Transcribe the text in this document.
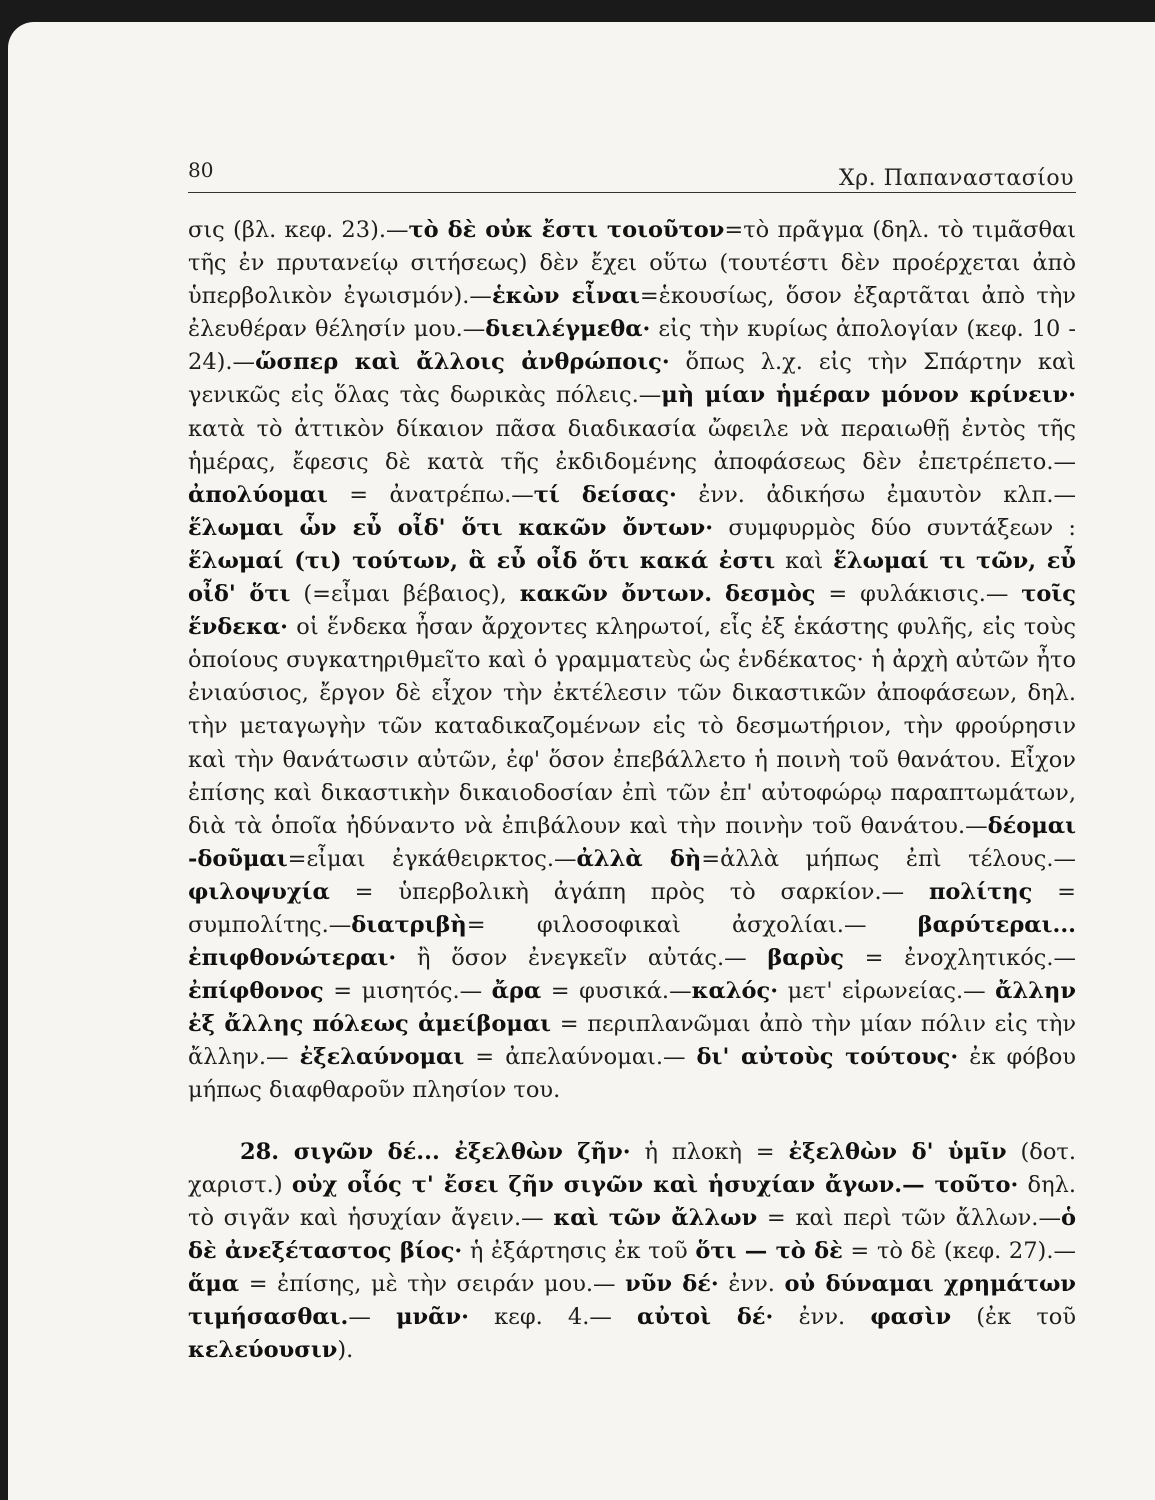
80	Χρ. Παπαναστασίου

σις (βλ. κεφ. 23).—τὸ δὲ οὐκ ἔστι τοιοῦτον=τὸ πρᾶγμα (δηλ. τὸ τιμᾶσθαι τῆς ἐν πρυτανείῳ σιτήσεως) δὲν ἔχει οὕτω (τουτέστι δὲν προέρχεται ἀπὸ ὑπερβολικὸν ἐγωισμόν).—ἑκὼν εἶναι=ἑκουσίως, ὅσον ἐξαρτᾶται ἀπὸ τὴν ἐλευθέραν θέλησίν μου.—διειλέγμεθα· εἰς τὴν κυρίως ἀπολογίαν (κεφ. 10 - 24).—ὥσπερ καὶ ἄλλοις ἀνθρώποις· ὅπως λ.χ. εἰς τὴν Σπάρτην καὶ γενικῶς εἰς ὅλας τὰς δωρικὰς πόλεις.—μὴ μίαν ἡμέραν μόνον κρίνειν· κατὰ τὸ ἀττικὸν δίκαιον πᾶσα διαδικασία ὤφειλε νὰ περαιωθῇ ἐντὸς τῆς ἡμέρας, ἔφεσις δὲ κατὰ τῆς ἐκδιδομένης ἀποφάσεως δὲν ἐπετρέπετο.— ἀπολύομαι = ἀνατρέπω.—τί δείσας· ἐνν. ἀδικήσω ἐμαυτὸν κλπ.— ἕλωμαι ὧν εὖ οἶδ' ὅτι κακῶν ὄντων· συμφυρμὸς δύο συντάξεων : ἕλωμαί (τι) τούτων, ἃ εὖ οἶδ ὅτι κακά ἐστι καὶ ἕλωμαί τι τῶν, εὖ οἶδ' ὅτι (=εἶμαι βέβαιος), κακῶν ὄντων. δεσμὸς = φυλάκισις.— τοῖς ἕνδεκα· οἱ ἕνδεκα ἦσαν ἄρχοντες κληρωτοί, εἷς ἐξ ἑκάστης φυλῆς, εἰς τοὺς ὁποίους συγκατηριθμεῖτο καὶ ὁ γραμματεὺς ὡς ἑνδέκατος· ἡ ἀρχὴ αὐτῶν ἦτο ἐνιαύσιος, ἔργον δὲ εἶχον τὴν ἐκτέλεσιν τῶν δικαστικῶν ἀποφάσεων, δηλ. τὴν μεταγωγὴν τῶν καταδικαζομένων εἰς τὸ δεσμωτήριον, τὴν φρούρησιν καὶ τὴν θανάτωσιν αὐτῶν, ἐφ' ὅσον ἐπεβάλλετο ἡ ποινὴ τοῦ θανάτου. Εἶχον ἐπίσης καὶ δικαστικὴν δικαιοδοσίαν ἐπὶ τῶν ἐπ' αὐτοφώρῳ παραπτωμάτων, διὰ τὰ ὁποῖα ἠδύναντο νὰ ἐπιβάλουν καὶ τὴν ποινὴν τοῦ θανάτου.—δέομαι -δοῦμαι=εἶμαι ἐγκάθειρκτος.—ἀλλὰ δὴ=ἀλλὰ μήπως ἐπὶ τέλους.— φιλοψυχία = ὑπερβολικὴ ἀγάπη πρὸς τὸ σαρκίον.— πολίτης = συμπολίτης.—διατριβὴ= φιλοσοφικαὶ ἀσχολίαι.— βαρύτεραι... ἐπιφθονώτεραι· ἢ ὅσον ἐνεγκεῖν αὐτάς.— βαρὺς = ἐνοχλητικός.— ἐπίφθονος = μισητός.— ἄρα = φυσικά.—καλός· μετ' εἰρωνείας.— ἄλλην ἐξ ἄλλης πόλεως ἀμείβομαι = περιπλανῶμαι ἀπὸ τὴν μίαν πόλιν εἰς τὴν ἄλλην.— ἐξελαύνομαι = ἀπελαύνομαι.— δι' αὐτοὺς τούτους· ἐκ φόβου μήπως διαφθαροῦν πλησίον του.

28. σιγῶν δέ... ἐξελθὼν ζῆν· ἡ πλοκὴ = ἐξελθὼν δ' ὑμῖν (δοτ. χαριστ.) οὐχ οἷός τ' ἔσει ζῆν σιγῶν καὶ ἡσυχίαν ἄγων.— τοῦτο· δηλ. τὸ σιγᾶν καὶ ἡσυχίαν ἄγειν.— καὶ τῶν ἄλλων = καὶ περὶ τῶν ἄλλων.—ὁ δὲ ἀνεξέταστος βίος· ἡ ἐξάρτησις ἐκ τοῦ ὅτι — τὸ δὲ = τὸ δὲ (κεφ. 27).— ἅμα = ἐπίσης, μὲ τὴν σειράν μου.— νῦν δέ· ἐνν. οὐ δύναμαι χρημάτων τιμήσασθαι.— μνᾶν· κεφ. 4.— αὐτοὶ δέ· ἐνν. φασὶν (ἐκ τοῦ κελεύουσιν).
